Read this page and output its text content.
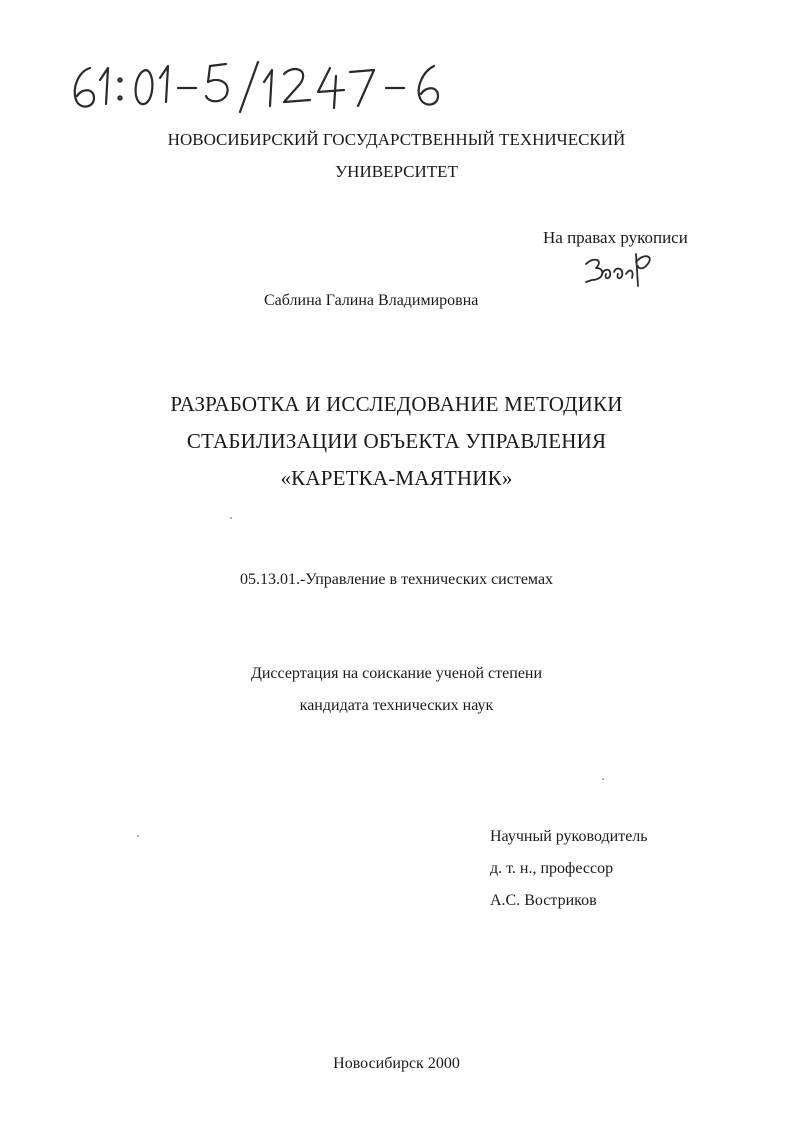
НОВОСИБИРСКИЙ ГОСУДАРСТВЕННЫЙ ТЕХНИЧЕСКИЙ
УНИВЕРСИТЕТ
На правах рукописи
Саблина Галина Владимировна
РАЗРАБОТКА И ИССЛЕДОВАНИЕ МЕТОДИКИ
СТАБИЛИЗАЦИИ ОБЪЕКТА УПРАВЛЕНИЯ
«КАРЕТКА-МАЯТНИК»
05.13.01.-Управление в технических системах
Диссертация на соискание ученой степени
кандидата технических наук
Научный руководитель
д. т. н., профессор
А.С. Востриков
Новосибирск 2000
